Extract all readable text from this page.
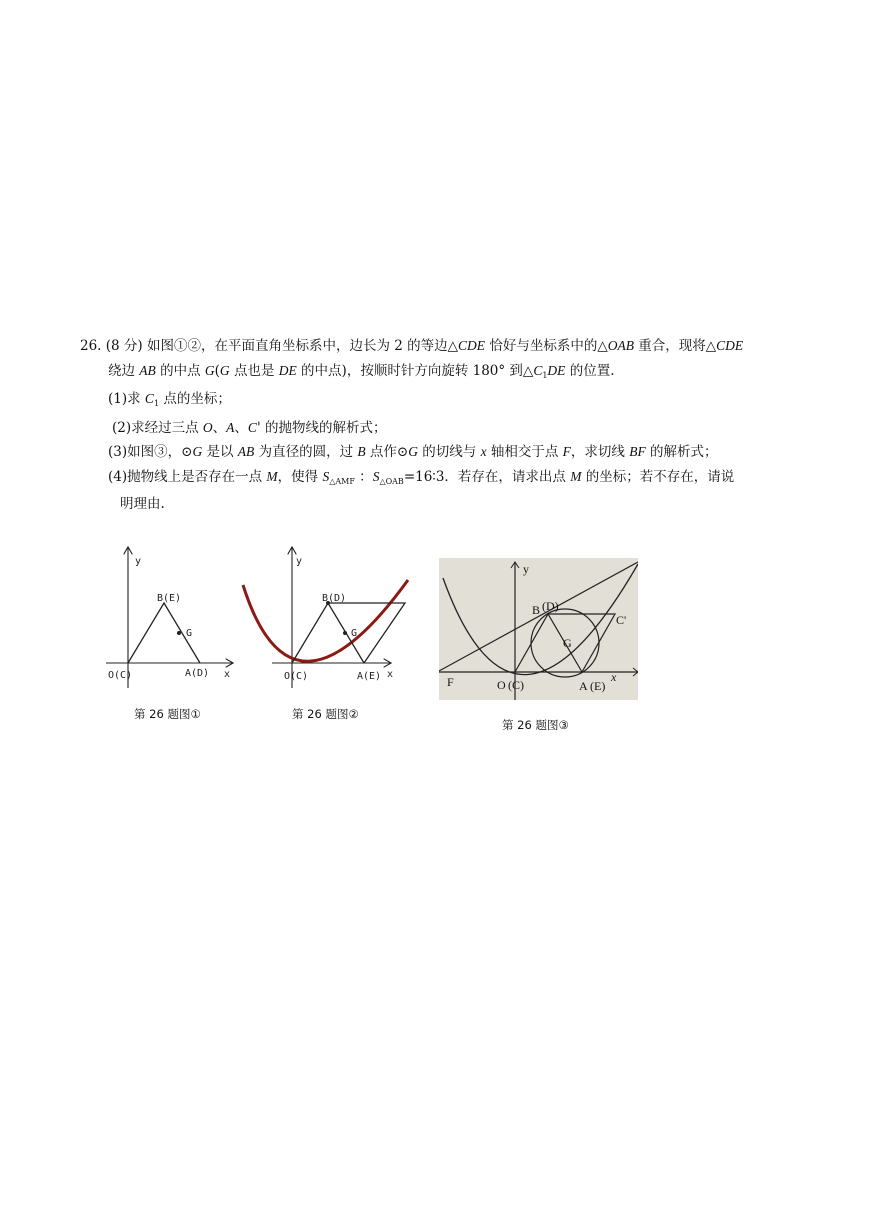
26. (8 分) 如图①②，在平面直角坐标系中，边长为 2 的等边△CDE 恰好与坐标系中的△OAB 重合，现将△CDE

绕边 AB 的中点 G(G 点也是 DE 的中点)，按顺时针方向旋转 180° 到$\triangle C_1DE$ 的位置.

(1)求 $C_1$ 点的坐标；

(2)求经过三点 O、A、C' 的抛物线的解析式；

(3)如图③，⊙G 是以 AB 为直径的圆，过 B 点作⊙G 的切线与 x 轴相交于点 F，求切线 BF 的解析式；

(4)抛物线上是否存在一点 M，使得 $S_{\triangle AMF}$ ：$S_{\triangle OAB}=16∶3$．若存在，请求出点 M 的坐标；若不存在，请说

明理由.

y
x
B(E)
G
O(C)	A(D)
第 26 题图①
y
x
B(D)
G
O(C)	A(E)
第 26 题图②
y
x
B (D)
C'
G
F	O (C)	A (E)
第 26 题图③
